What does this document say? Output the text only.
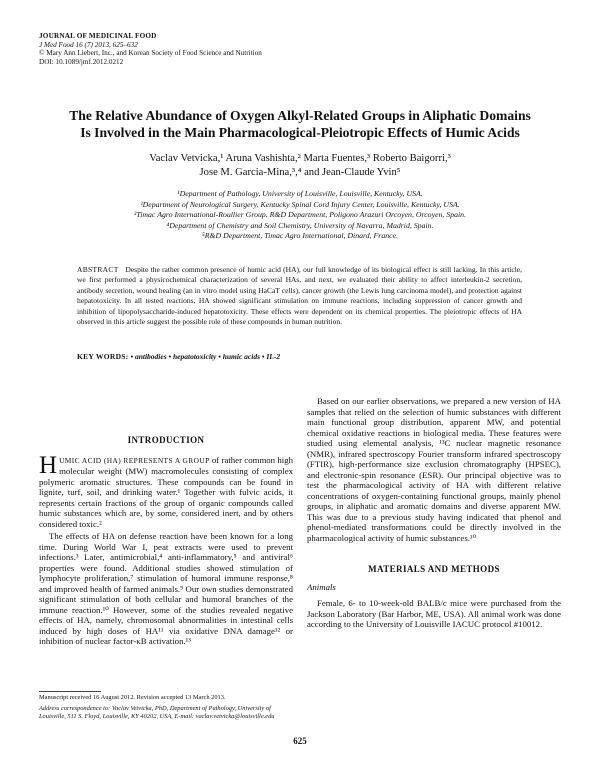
JOURNAL OF MEDICINAL FOOD
J Med Food 16 (7) 2013, 625–632
© Mary Ann Liebert, Inc., and Korean Society of Food Science and Nutrition
DOI: 10.1089/jmf.2012.0212
The Relative Abundance of Oxygen Alkyl-Related Groups in Aliphatic Domains
Is Involved in the Main Pharmacological-Pleiotropic Effects of Humic Acids
Vaclav Vetvicka,¹ Aruna Vashishta,² Marta Fuentes,³ Roberto Baigorri,³
Jose M. Garcia-Mina,³,⁴ and Jean-Claude Yvin⁵
¹Department of Pathology, University of Louisville, Louisville, Kentucky, USA.
²Department of Neurological Surgery, Kentucky Spinal Cord Injury Center, Louisville, Kentucky, USA.
³Timac Agro International-Roullier Group, R&D Department, Poligono Arazuri Orcoyen, Orcoyen, Spain.
⁴Department of Chemistry and Soil Chemistry, University of Navarra, Madrid, Spain.
⁵R&D Department, Timac Agro International, Dinard, France.
ABSTRACT Despite the rather common presence of humic acid (HA), our full knowledge of its biological effect is still lacking. In this article, we first performed a physicochemical characterization of several HAs, and next, we evaluated their ability to affect interleukin-2 secretion, antibody secretion, wound healing (an in vitro model using HaCaT cells), cancer growth (the Lewis lung carcinoma model), and protection against hepatotoxicity. In all tested reactions, HA showed significant stimulation on immune reactions, including suppression of cancer growth and inhibition of lipopolysaccharide-induced hepatotoxicity. These effects were dependent on its chemical properties. The pleiotropic effects of HA observed in this article suggest the possible role of these compounds in human nutrition.
KEY WORDS: • antibodies • hepatotoxicity • humic acids • IL-2
INTRODUCTION

HUMIC ACID (HA) REPRESENTS A GROUP of rather common high molecular weight (MW) macromolecules consisting of complex polymeric aromatic structures. These compounds can be found in lignite, turf, soil, and drinking water.¹ Together with fulvic acids, it represents certain fractions of the group of organic compounds called humic substances which are, by some, considered inert, and by others considered toxic.²

The effects of HA on defense reaction have been known for a long time. During World War I, peat extracts were used to prevent infections.³ Later, antimicrobial,⁴ anti-inflammatory,⁵ and antiviral⁶ properties were found. Additional studies showed stimulation of lymphocyte proliferation,⁷ stimulation of humoral immune response,⁸ and improved health of farmed animals.⁹ Our own studies demonstrated significant stimulation of both cellular and humoral branches of the immune reaction.¹⁰ However, some of the studies revealed negative effects of HA, namely, chromosomal abnormalities in intestinal cells induced by high doses of HA¹¹ via oxidative DNA damage¹² or inhibition of nuclear factor-κB activation.¹³

Based on our earlier observations, we prepared a new version of HA samples that relied on the selection of humic substances with different main functional group distribution, apparent MW, and potential chemical oxidative reactions in biological media. These features were studied using elemental analysis, ¹³C nuclear magnetic resonance (NMR), infrared spectroscopy Fourier transform infrared spectroscopy (FTIR), high-performance size exclusion chromatography (HPSEC), and electronic-spin resonance (ESR). Our principal objective was to test the pharmacological activity of HA with different relative concentrations of oxygen-containing functional groups, mainly phenol groups, in aliphatic and aromatic domains and diverse apparent MW. This was due to a previous study having indicated that phenol and phenol-mediated transformations could be directly involved in the pharmacological activity of humic substances.¹⁰

MATERIALS AND METHODS
Animals

Female, 6- to 10-week-old BALB/c mice were purchased from the Jackson Laboratory (Bar Harbor, ME, USA). All animal work was done according to the University of Louisville IACUC protocol #10012.

Manuscript received 16 August 2012. Revision accepted 13 March 2013.
Address correspondence to: Vaclav Vetvicka, PhD, Department of Pathology, University of Louisville, 511 S. Floyd, Louisville, KY 40202, USA, E-mail: vaclav.vetvicka@louisville.edu
625
